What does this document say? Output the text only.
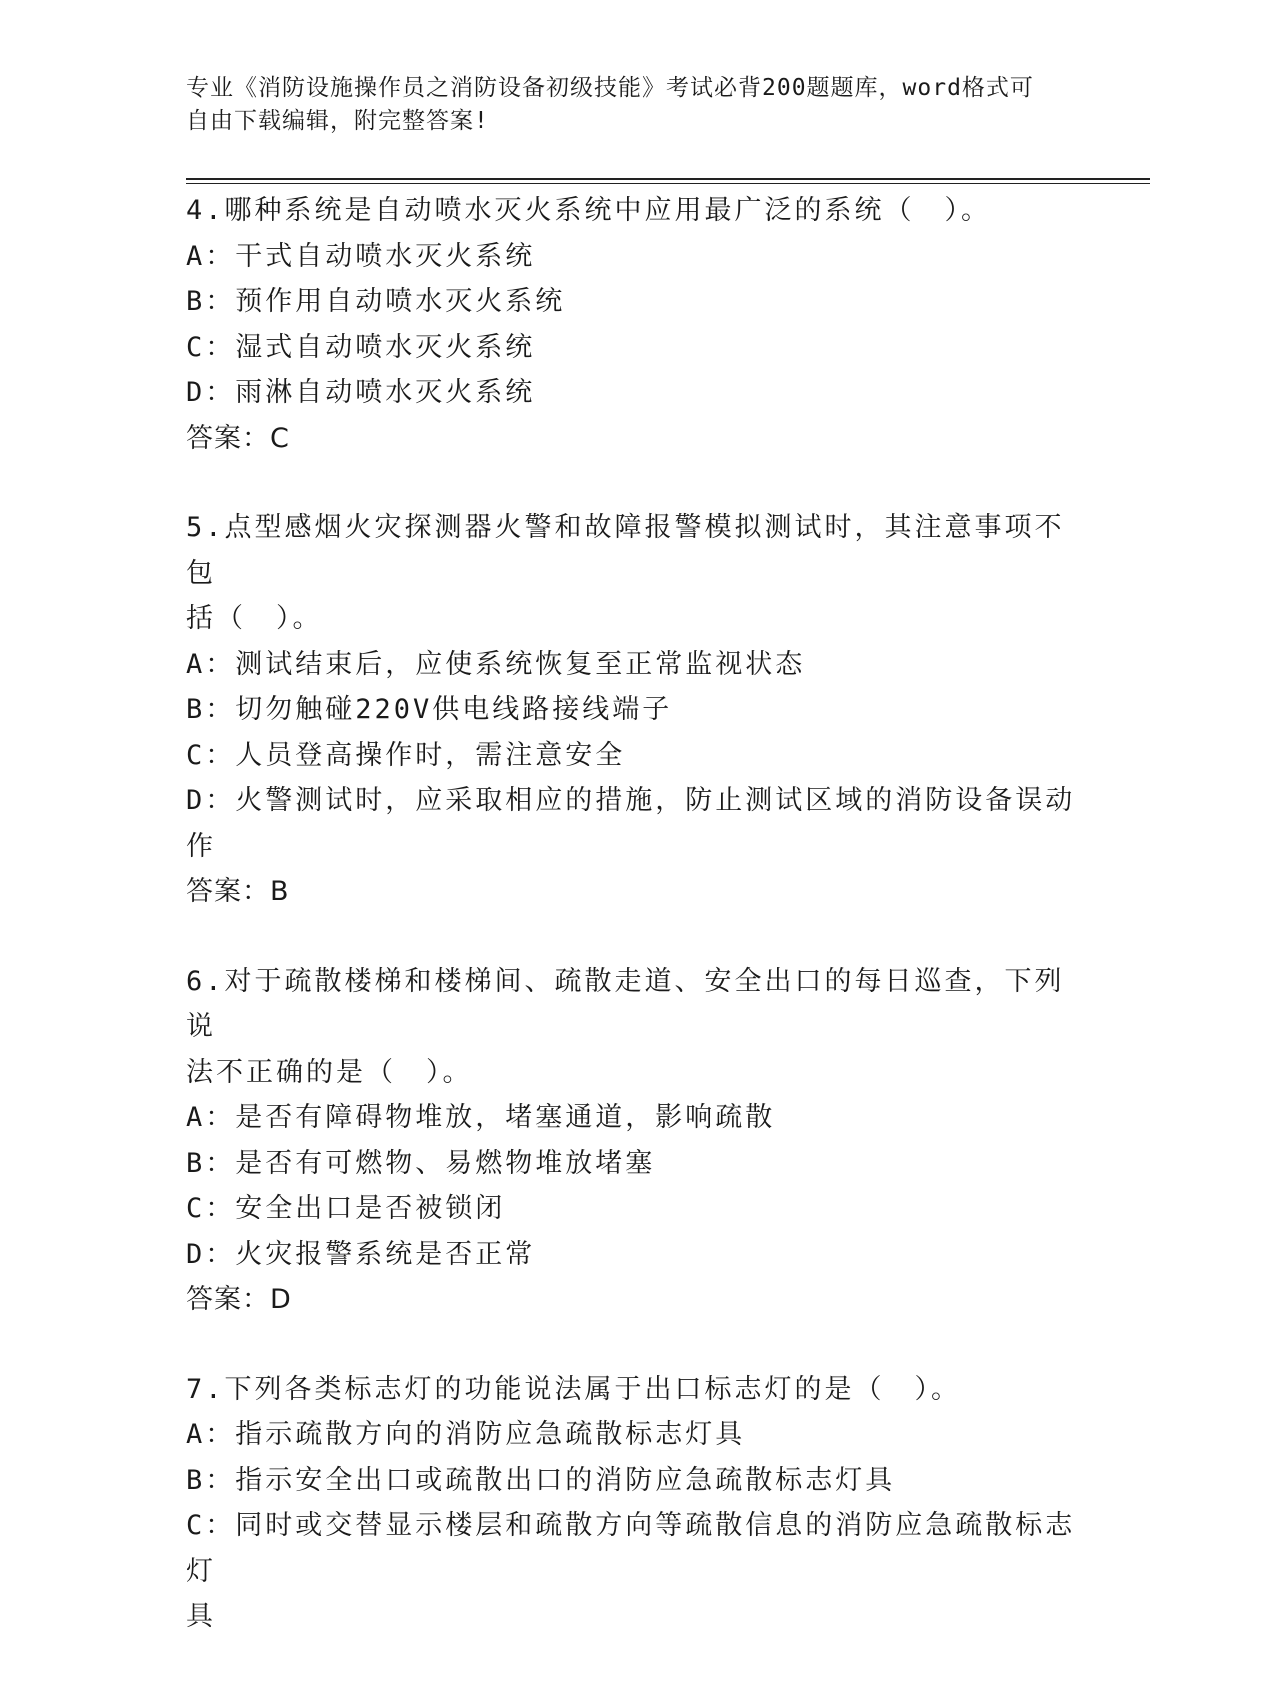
专业《消防设施操作员之消防设备初级技能》考试必背200题题库，word格式可
自由下载编辑，附完整答案!
4.哪种系统是自动喷水灭火系统中应用最广泛的系统（　）。
A：干式自动喷水灭火系统
B：预作用自动喷水灭火系统
C：湿式自动喷水灭火系统
D：雨淋自动喷水灭火系统
答案：C
5.点型感烟火灾探测器火警和故障报警模拟测试时，其注意事项不包
括（　）。
A：测试结束后，应使系统恢复至正常监视状态
B：切勿触碰220V供电线路接线端子
C：人员登高操作时，需注意安全
D：火警测试时，应采取相应的措施，防止测试区域的消防设备误动作
答案：B
6.对于疏散楼梯和楼梯间、疏散走道、安全出口的每日巡查，下列说
法不正确的是（　）。
A：是否有障碍物堆放，堵塞通道，影响疏散
B：是否有可燃物、易燃物堆放堵塞
C：安全出口是否被锁闭
D：火灾报警系统是否正常
答案：D
7.下列各类标志灯的功能说法属于出口标志灯的是（　）。
A：指示疏散方向的消防应急疏散标志灯具
B：指示安全出口或疏散出口的消防应急疏散标志灯具
C：同时或交替显示楼层和疏散方向等疏散信息的消防应急疏散标志灯
具
